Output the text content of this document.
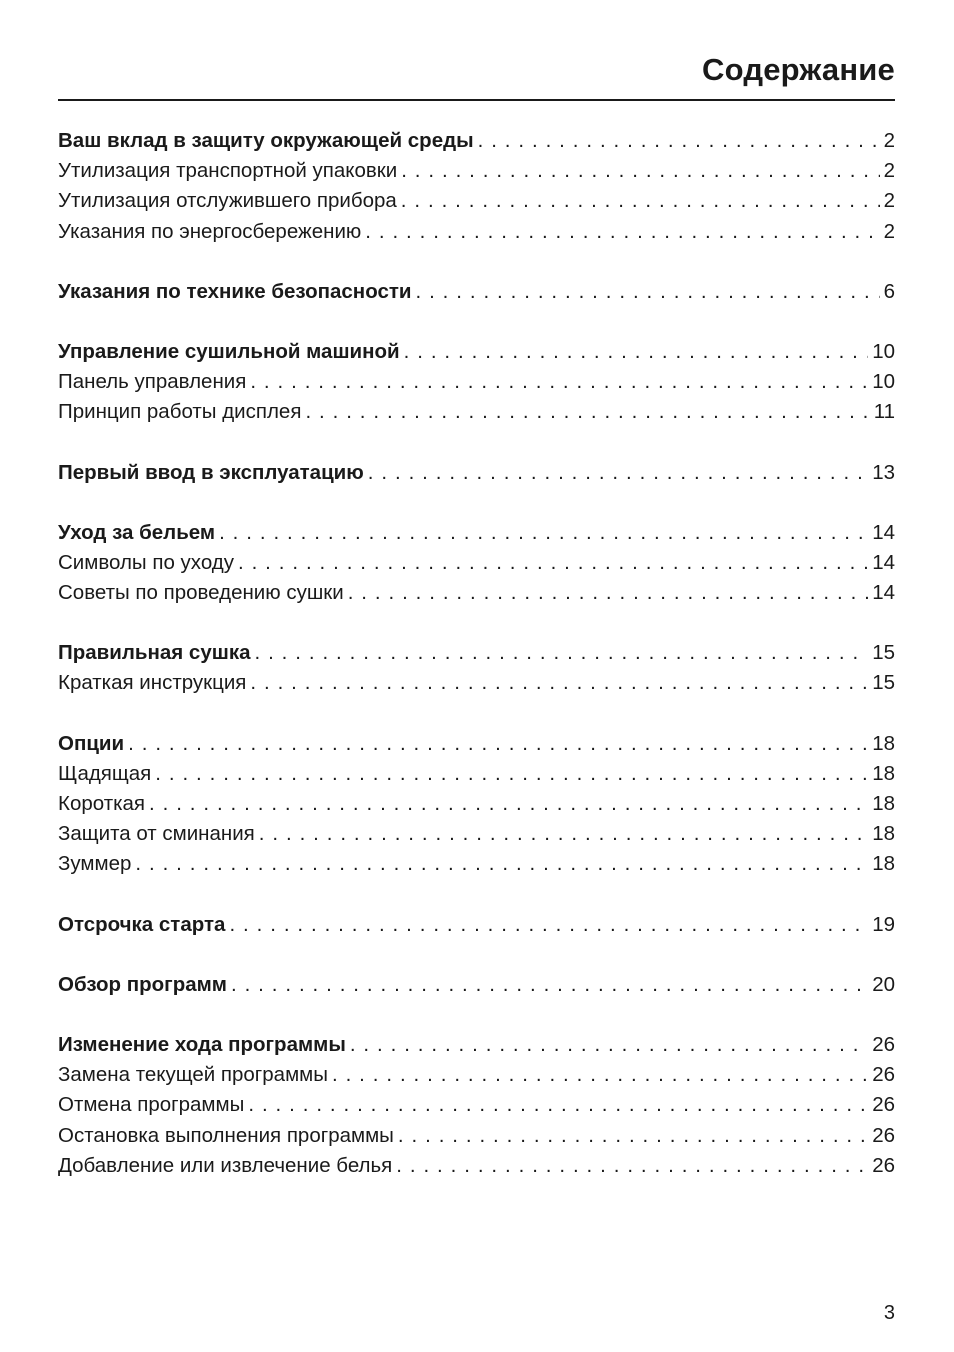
Содержание
Ваш вклад в защиту окружающей среды . . .	2
Утилизация транспортной упаковки . . .	2
Утилизация отслужившего прибора . . .	2
Указания по энергосбережению . . .	2
Указания по технике безопасности . . .	6
Управление сушильной машиной . . .	10
Панель управления . . .	10
Принцип работы дисплея . . .	11
Первый ввод в эксплуатацию . . .	13
Уход за бельем . . .	14
Символы по уходу . . .	14
Советы по проведению сушки . . .	14
Правильная сушка . . .	15
Краткая инструкция . . .	15
Опции . . .	18
Щадящая . . .	18
Короткая . . .	18
Защита от сминания . . .	18
Зуммер . . .	18
Отсрочка старта . . .	19
Обзор программ . . .	20
Изменение хода программы . . .	26
Замена текущей программы . . .	26
Отмена программы . . .	26
Остановка выполнения программы . . .	26
Добавление или извлечение белья . . .	26
3
